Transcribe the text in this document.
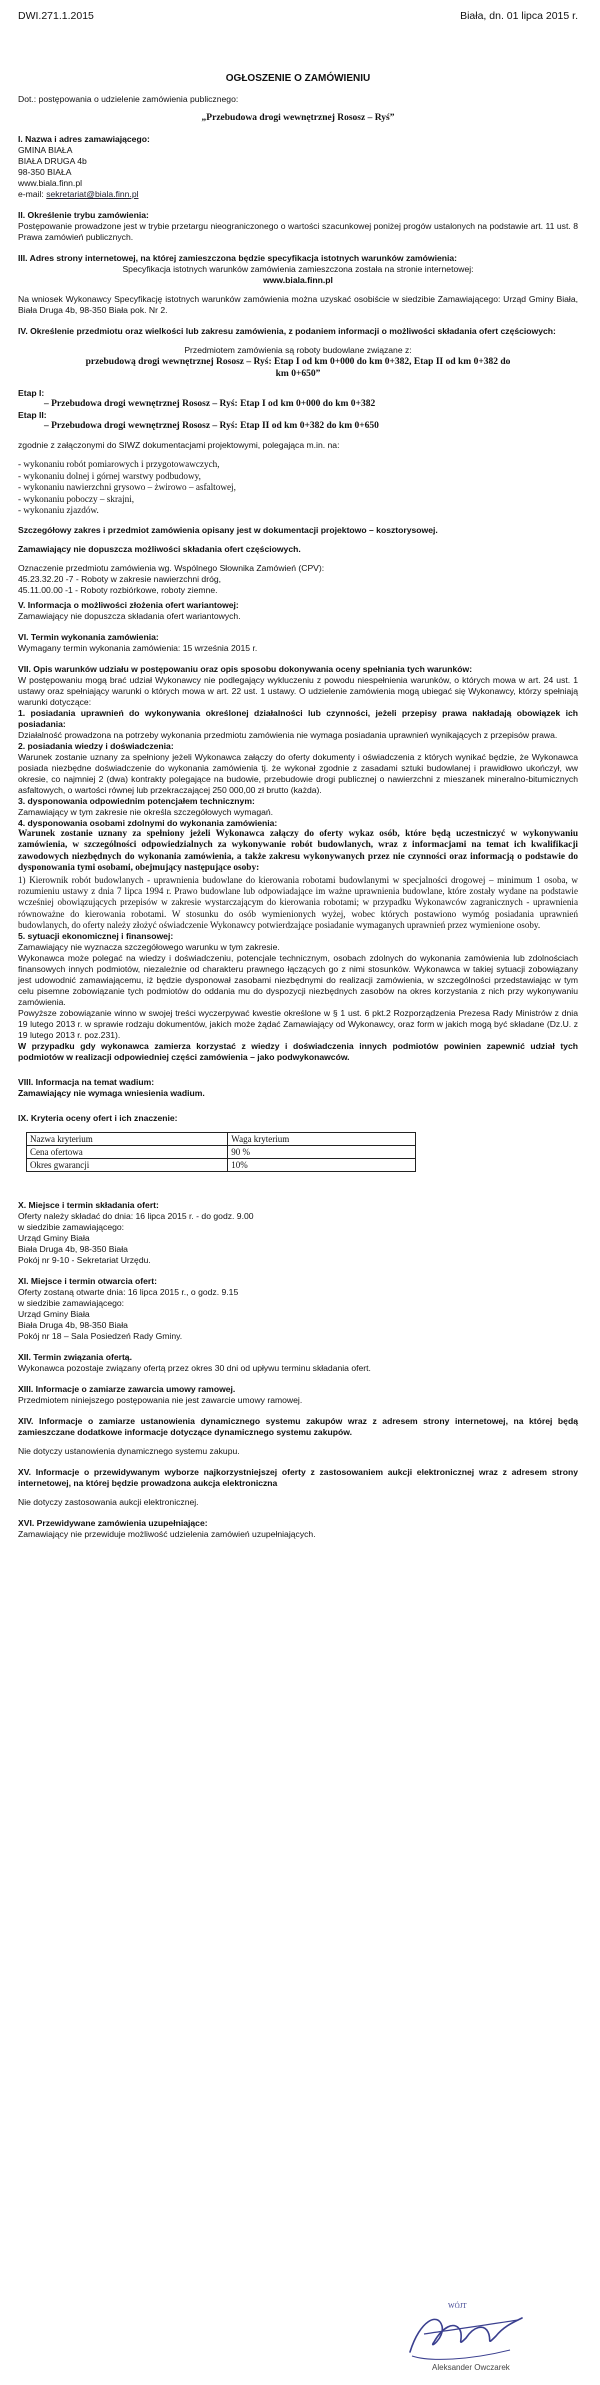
DWI.271.1.2015	Biała, dn. 01 lipca 2015 r.
OGŁOSZENIE O ZAMÓWIENIU

Dot.: postępowania o udzielenie zamówienia publicznego:

„Przebudowa drogi wewnętrznej Rososz – Ryś”

I. Nazwa i adres zamawiającego:

GMINA BIAŁA

BIAŁA DRUGA 4b

98-350 BIAŁA

www.biala.finn.pl

e-mail: sekretariat@biala.finn.pl

II. Określenie trybu zamówienia:

Postępowanie prowadzone jest w trybie przetargu nieograniczonego o wartości szacunkowej poniżej progów ustalonych na podstawie art. 11 ust. 8 Prawa zamówień publicznych.

III. Adres strony internetowej, na której zamieszczona będzie specyfikacja istotnych warunków zamówienia:

Specyfikacja istotnych warunków zamówienia zamieszczona została na stronie internetowej:

www.biala.finn.pl

Na wniosek Wykonawcy Specyfikację istotnych warunków zamówienia można uzyskać osobiście w siedzibie Zamawiającego: Urząd Gminy Biała, Biała Druga 4b, 98-350 Biała pok. Nr 2.

IV. Określenie przedmiotu oraz wielkości lub zakresu zamówienia, z podaniem informacji o możliwości składania ofert częściowych:

Przedmiotem zamówienia są roboty budowlane związane z:

przebudową drogi wewnętrznej Rososz – Ryś: Etap I od km 0+000 do km 0+382, Etap II od km 0+382 do km 0+650”

Etap I:

– Przebudowa drogi wewnętrznej Rososz – Ryś: Etap I od km 0+000 do km 0+382

Etap II:

– Przebudowa drogi wewnętrznej Rososz – Ryś: Etap II od km 0+382 do km 0+650

zgodnie z załączonymi do SIWZ dokumentacjami projektowymi, polegająca m.in. na:

- wykonaniu robót pomiarowych i przygotowawczych,

- wykonaniu dolnej i górnej warstwy podbudowy,

- wykonaniu nawierzchni grysowo – żwirowo – asfaltowej,

- wykonaniu poboczy – skrajni,

- wykonaniu zjazdów.

Szczegółowy zakres i przedmiot zamówienia opisany jest w dokumentacji projektowo – kosztorysowej.

Zamawiający nie dopuszcza możliwości składania ofert częściowych.

Oznaczenie przedmiotu zamówienia wg. Wspólnego Słownika Zamówień (CPV):

45.23.32.20 -7 - Roboty w zakresie nawierzchni dróg,

45.11.00.00 -1 - Roboty rozbiórkowe, roboty ziemne.

V. Informacja o możliwości złożenia ofert wariantowej:

Zamawiający nie dopuszcza składania ofert wariantowych.

VI. Termin wykonania zamówienia:

Wymagany termin wykonania zamówienia: 15 września 2015 r.

VII. Opis warunków udziału w postępowaniu oraz opis sposobu dokonywania oceny spełniania tych warunków:

W postępowaniu mogą brać udział Wykonawcy nie podlegający wykluczeniu z powodu niespełnienia warunków, o których mowa w art. 24 ust. 1 ustawy oraz spełniający warunki o których mowa w art. 22 ust. 1 ustawy. O udzielenie zamówienia mogą ubiegać się Wykonawcy, którzy spełniają warunki dotyczące:

1. posiadania uprawnień do wykonywania określonej działalności lub czynności, jeżeli przepisy prawa nakładają obowiązek ich posiadania:

Działalność prowadzona na potrzeby wykonania przedmiotu zamówienia nie wymaga posiadania uprawnień wynikających z przepisów prawa.

2. posiadania wiedzy i doświadczenia:

Warunek zostanie uznany za spełniony jeżeli Wykonawca załączy do oferty dokumenty i oświadczenia z których wynikać będzie, że Wykonawca posiada niezbędne doświadczenie do wykonania zamówienia tj. że wykonał zgodnie z zasadami sztuki budowlanej i prawidłowo ukończył, ww okresie, co najmniej 2 (dwa) kontrakty polegające na budowie, przebudowie drogi publicznej o nawierzchni z mieszanek mineralno-bitumicznych asfaltowych, o wartości równej lub przekraczającej 250 000,00 zł brutto (każda).

3. dysponowania odpowiednim potencjałem technicznym:

Zamawiający w tym zakresie nie określa szczegółowych wymagań.

4. dysponowania osobami zdolnymi do wykonania zamówienia:

Warunek zostanie uznany za spełniony jeżeli Wykonawca załączy do oferty wykaz osób, które będą uczestniczyć w wykonywaniu zamówienia, w szczególności odpowiedzialnych za wykonywanie robót budowlanych, wraz z informacjami na temat ich kwalifikacji zawodowych niezbędnych do wykonania zamówienia, a także zakresu wykonywanych przez nie czynności oraz informacją o podstawie do dysponowania tymi osobami, obejmujący następujące osoby:

1) Kierownik robót budowlanych - uprawnienia budowlane do kierowania robotami budowlanymi w specjalności drogowej – minimum 1 osoba, w rozumieniu ustawy z dnia 7 lipca 1994 r. Prawo budowlane lub odpowiadające im ważne uprawnienia budowlane, które zostały wydane na podstawie wcześniej obowiązujących przepisów w zakresie wystarczającym do kierowania robotami; w przypadku Wykonawców zagranicznych - uprawnienia równoważne do kierowania robotami. W stosunku do osób wymienionych wyżej, wobec których postawiono wymóg posiadania uprawnień budowlanych, do oferty należy złożyć oświadczenie Wykonawcy potwierdzające posiadanie wymaganych uprawnień przez wymienione osoby.

5. sytuacji ekonomicznej i finansowej:

Zamawiający nie wyznacza szczegółowego warunku w tym zakresie.

Wykonawca może polegać na wiedzy i doświadczeniu, potencjale technicznym, osobach zdolnych do wykonania zamówienia lub zdolnościach finansowych innych podmiotów, niezależnie od charakteru prawnego łączących go z nimi stosunków. Wykonawca w takiej sytuacji zobowiązany jest udowodnić zamawiającemu, iż będzie dysponował zasobami niezbędnymi do realizacji zamówienia, w szczególności przedstawiając w tym celu pisemne zobowiązanie tych podmiotów do oddania mu do dyspozycji niezbędnych zasobów na okres korzystania z nich przy wykonywaniu zamówienia.

Powyższe zobowiązanie winno w swojej treści wyczerpywać kwestie określone w § 1 ust. 6 pkt.2 Rozporządzenia Prezesa Rady Ministrów z dnia 19 lutego 2013 r. w sprawie rodzaju dokumentów, jakich może żądać Zamawiający od Wykonawcy, oraz form w jakich mogą być składane (Dz.U. z 19 lutego 2013 r. poz.231).

W przypadku gdy wykonawca zamierza korzystać z wiedzy i doświadczenia innych podmiotów powinien zapewnić udział tych podmiotów w realizacji odpowiedniej części zamówienia – jako podwykonawców.

VIII. Informacja na temat wadium:

Zamawiający nie wymaga wniesienia wadium.

IX. Kryteria oceny ofert i ich znaczenie:

Nazwa kryterium	Waga kryterium
Cena ofertowa	90 %
Okres gwarancji	10%

X. Miejsce i termin składania ofert:

Oferty należy składać do dnia: 16 lipca 2015 r. - do godz. 9.00

w siedzibie zamawiającego:

Urząd Gminy Biała

Biała Druga 4b, 98-350 Biała

Pokój nr 9-10 - Sekretariat Urzędu.

XI. Miejsce i termin otwarcia ofert:

Oferty zostaną otwarte dnia: 16 lipca 2015 r., o godz. 9.15

w siedzibie zamawiającego:

Urząd Gminy Biała

Biała Druga 4b, 98-350 Biała

Pokój nr 18 – Sala Posiedzeń Rady Gminy.

XII. Termin związania ofertą.

Wykonawca pozostaje związany ofertą przez okres 30 dni od upływu terminu składania ofert.

XIII. Informacje o zamiarze zawarcia umowy ramowej.

Przedmiotem niniejszego postępowania nie jest zawarcie umowy ramowej.

XIV. Informacje o zamiarze ustanowienia dynamicznego systemu zakupów wraz z adresem strony internetowej, na której będą zamieszczane dodatkowe informacje dotyczące dynamicznego systemu zakupów.

Nie dotyczy ustanowienia dynamicznego systemu zakupu.

XV. Informacje o przewidywanym wyborze najkorzystniejszej oferty z zastosowaniem aukcji elektronicznej wraz z adresem strony internetowej, na której będzie prowadzona aukcja elektroniczna

Nie dotyczy zastosowania aukcji elektronicznej.

XVI. Przewidywane zamówienia uzupełniające:

Zamawiający nie przewiduje możliwość udzielenia zamówień uzupełniających.

WÓJT
Aleksander Owczarek
